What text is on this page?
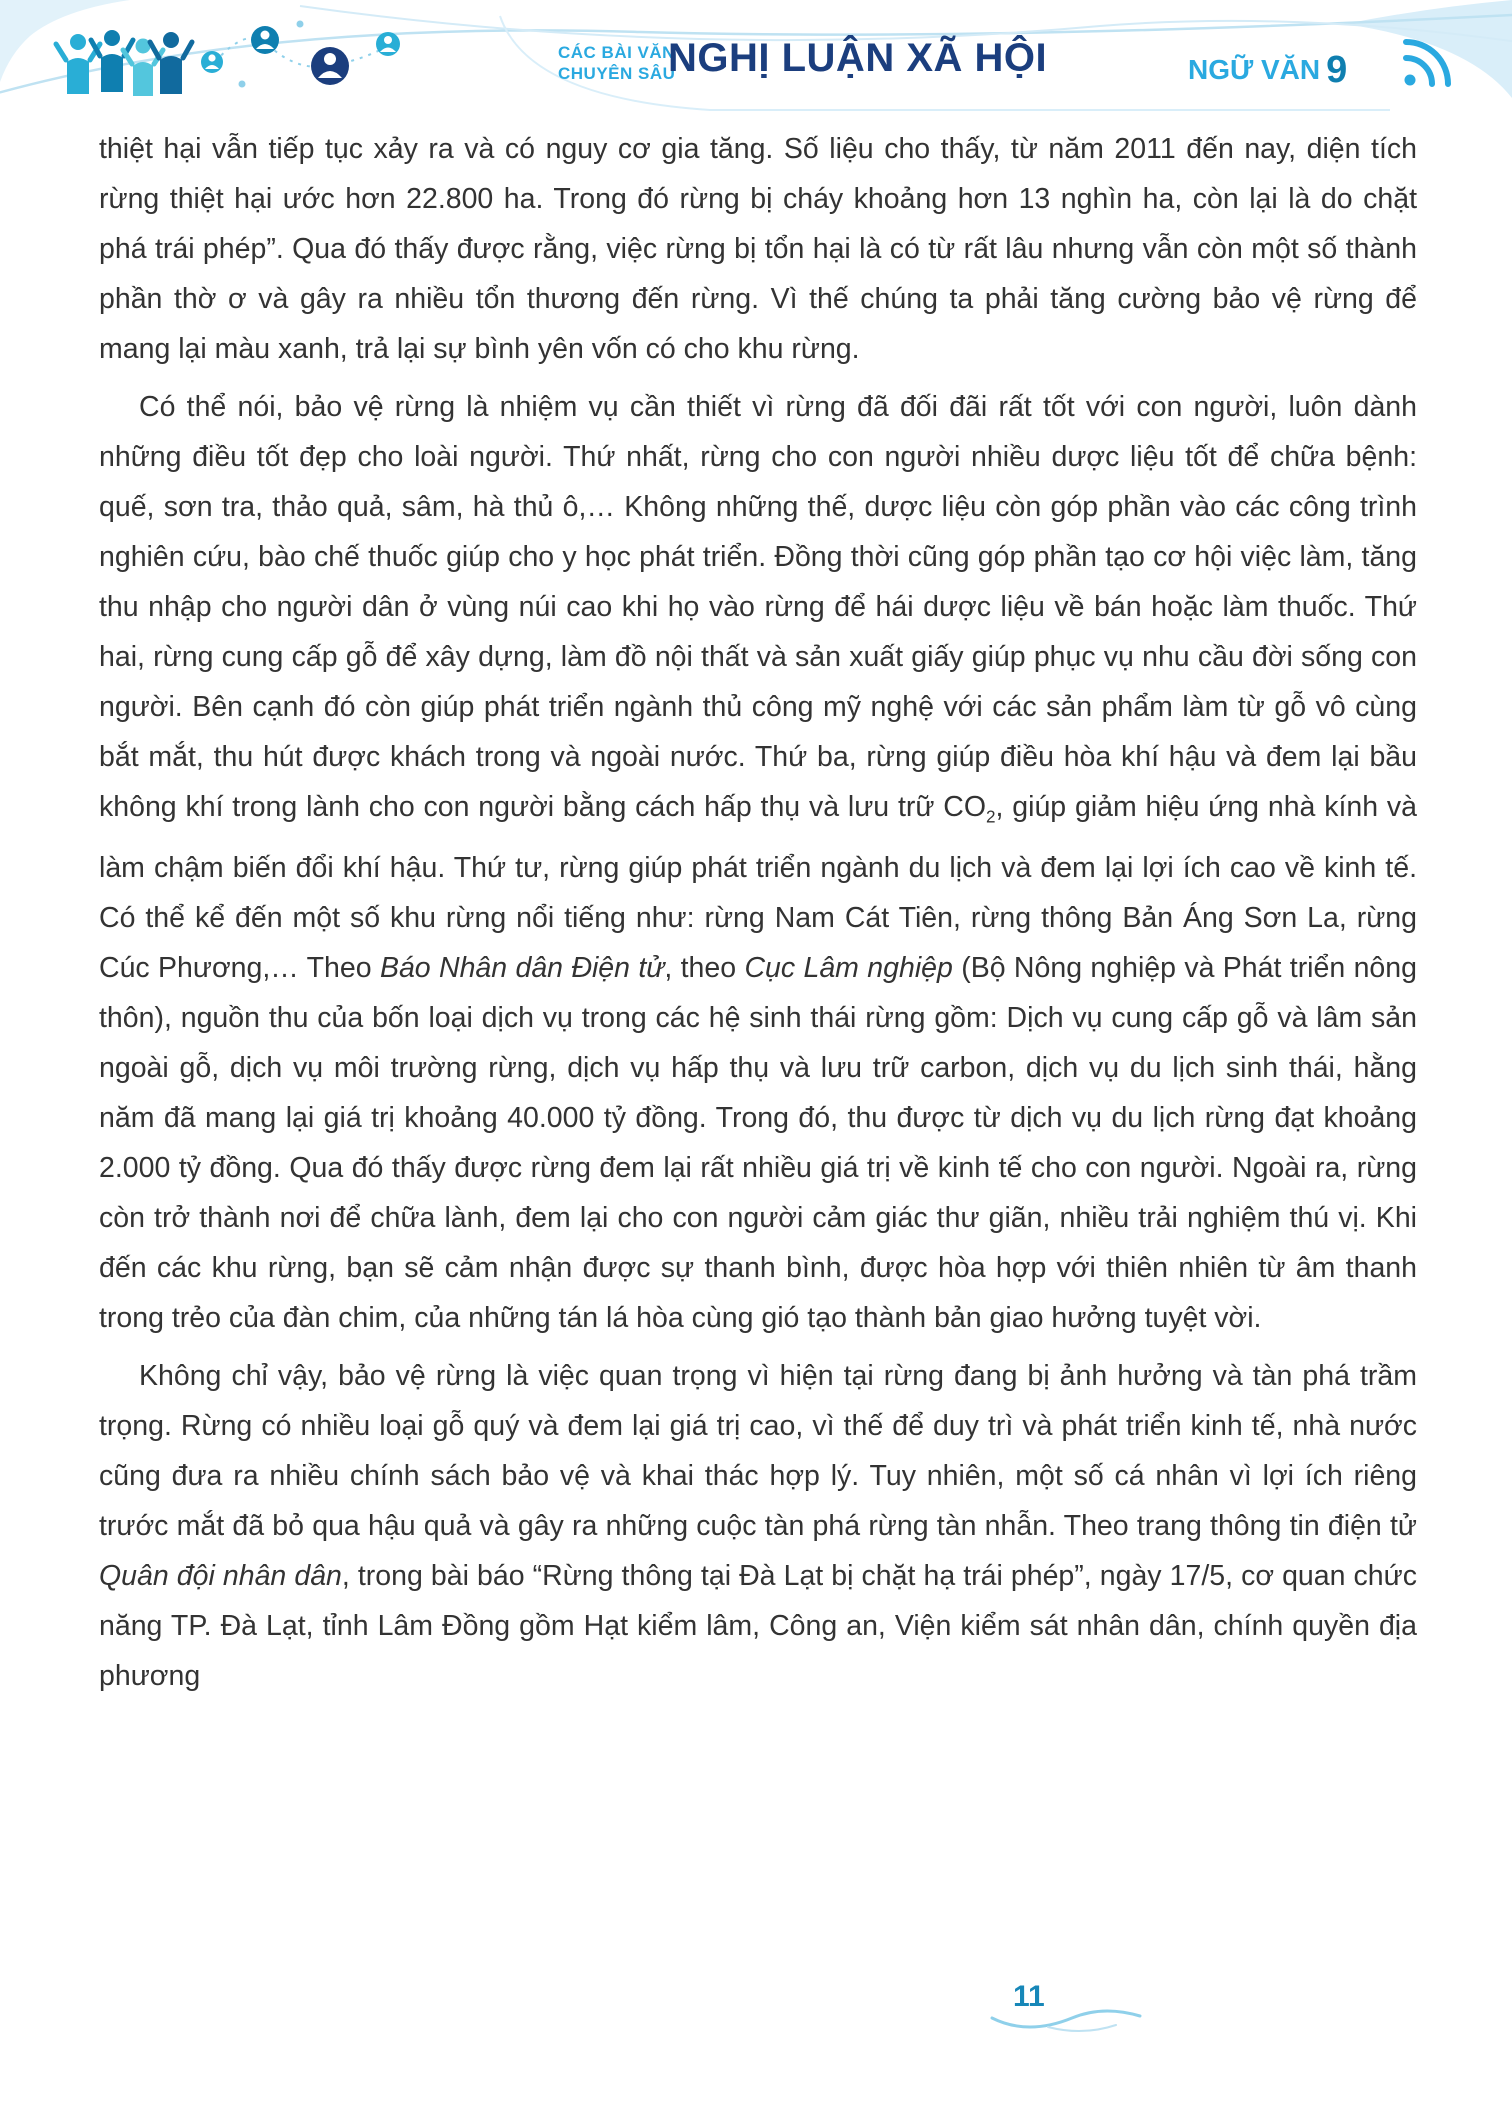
CÁC BÀI VĂN
CHUYÊN SÂU
NGHỊ LUẬN XÃ HỘI	NGỮ VĂN 9

thiệt hại vẫn tiếp tục xảy ra và có nguy cơ gia tăng. Số liệu cho thấy, từ năm 2011 đến nay, diện tích rừng thiệt hại ước hơn 22.800 ha. Trong đó rừng bị cháy khoảng hơn 13 nghìn ha, còn lại là do chặt phá trái phép”. Qua đó thấy được rằng, việc rừng bị tổn hại là có từ rất lâu nhưng vẫn còn một số thành phần thờ ơ và gây ra nhiều tổn thương đến rừng. Vì thế chúng ta phải tăng cường bảo vệ rừng để mang lại màu xanh, trả lại sự bình yên vốn có cho khu rừng.

Có thể nói, bảo vệ rừng là nhiệm vụ cần thiết vì rừng đã đối đãi rất tốt với con người, luôn dành những điều tốt đẹp cho loài người. Thứ nhất, rừng cho con người nhiều dược liệu tốt để chữa bệnh: quế, sơn tra, thảo quả, sâm, hà thủ ô,… Không những thế, dược liệu còn góp phần vào các công trình nghiên cứu, bào chế thuốc giúp cho y học phát triển. Đồng thời cũng góp phần tạo cơ hội việc làm, tăng thu nhập cho người dân ở vùng núi cao khi họ vào rừng để hái dược liệu về bán hoặc làm thuốc. Thứ hai, rừng cung cấp gỗ để xây dựng, làm đồ nội thất và sản xuất giấy giúp phục vụ nhu cầu đời sống con người. Bên cạnh đó còn giúp phát triển ngành thủ công mỹ nghệ với các sản phẩm làm từ gỗ vô cùng bắt mắt, thu hút được khách trong và ngoài nước. Thứ ba, rừng giúp điều hòa khí hậu và đem lại bầu không khí trong lành cho con người bằng cách hấp thụ và lưu trữ $CO_2$, giúp giảm hiệu ứng nhà kính và làm chậm biến đổi khí hậu. Thứ tư, rừng giúp phát triển ngành du lịch và đem lại lợi ích cao về kinh tế. Có thể kể đến một số khu rừng nổi tiếng như: rừng Nam Cát Tiên, rừng thông Bản Áng Sơn La, rừng Cúc Phương,… Theo Báo Nhân dân Điện tử, theo Cục Lâm nghiệp (Bộ Nông nghiệp và Phát triển nông thôn), nguồn thu của bốn loại dịch vụ trong các hệ sinh thái rừng gồm: Dịch vụ cung cấp gỗ và lâm sản ngoài gỗ, dịch vụ môi trường rừng, dịch vụ hấp thụ và lưu trữ carbon, dịch vụ du lịch sinh thái, hằng năm đã mang lại giá trị khoảng 40.000 tỷ đồng. Trong đó, thu được từ dịch vụ du lịch rừng đạt khoảng 2.000 tỷ đồng. Qua đó thấy được rừng đem lại rất nhiều giá trị về kinh tế cho con người. Ngoài ra, rừng còn trở thành nơi để chữa lành, đem lại cho con người cảm giác thư giãn, nhiều trải nghiệm thú vị. Khi đến các khu rừng, bạn sẽ cảm nhận được sự thanh bình, được hòa hợp với thiên nhiên từ âm thanh trong trẻo của đàn chim, của những tán lá hòa cùng gió tạo thành bản giao hưởng tuyệt vời.

Không chỉ vậy, bảo vệ rừng là việc quan trọng vì hiện tại rừng đang bị ảnh hưởng và tàn phá trầm trọng. Rừng có nhiều loại gỗ quý và đem lại giá trị cao, vì thế để duy trì và phát triển kinh tế, nhà nước cũng đưa ra nhiều chính sách bảo vệ và khai thác hợp lý. Tuy nhiên, một số cá nhân vì lợi ích riêng trước mắt đã bỏ qua hậu quả và gây ra những cuộc tàn phá rừng tàn nhẫn. Theo trang thông tin điện tử Quân đội nhân dân, trong bài báo “Rừng thông tại Đà Lạt bị chặt hạ trái phép”, ngày 17/5, cơ quan chức năng TP. Đà Lạt, tỉnh Lâm Đồng gồm Hạt kiểm lâm, Công an, Viện kiểm sát nhân dân, chính quyền địa phương

11
